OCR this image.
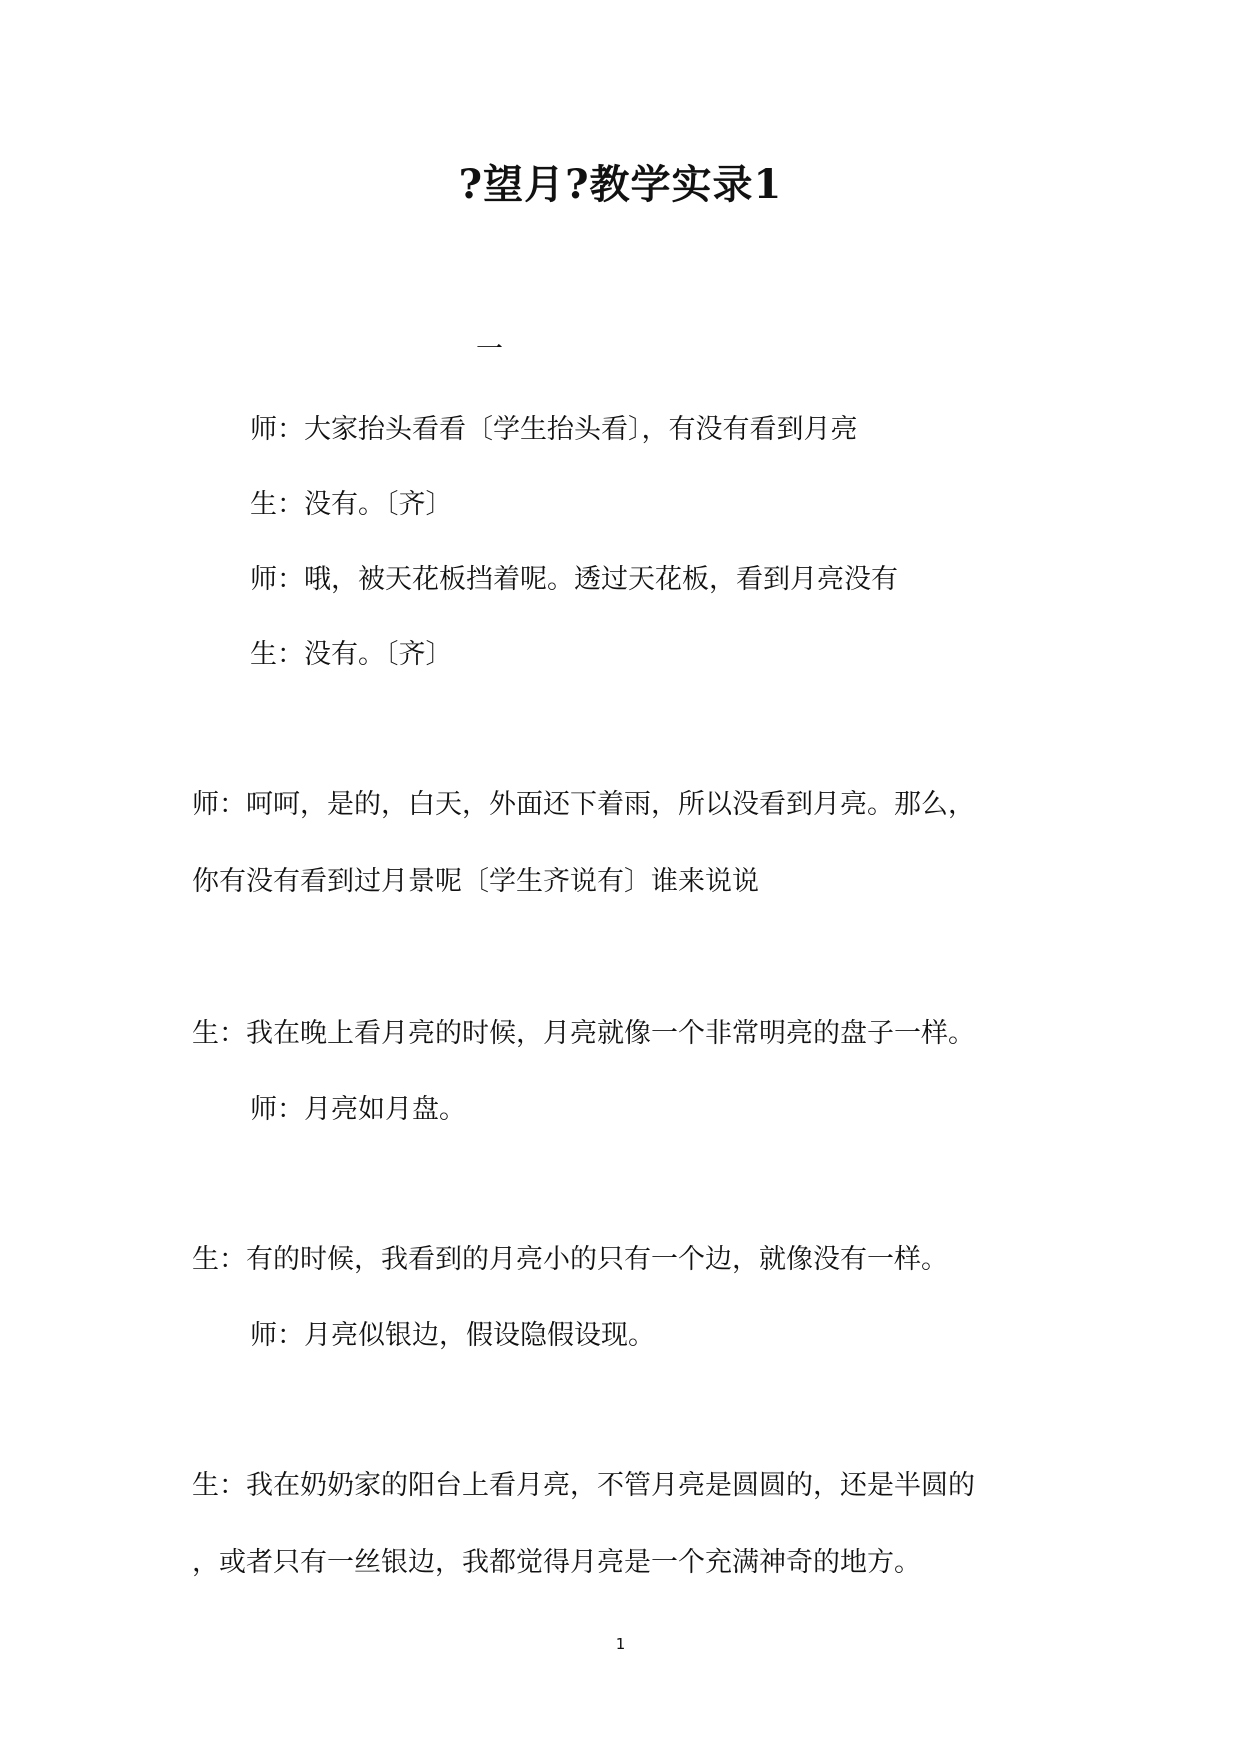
?望月?教学实录1
一
师：大家抬头看看〔学生抬头看〕，有没有看到月亮
生：没有。〔齐〕
师：哦，被天花板挡着呢。透过天花板，看到月亮没有
生：没有。〔齐〕
师：呵呵，是的，白天，外面还下着雨，所以没看到月亮。那么，
你有没有看到过月景呢〔学生齐说有〕谁来说说
生：我在晚上看月亮的时候，月亮就像一个非常明亮的盘子一样。
师：月亮如月盘。
生：有的时候，我看到的月亮小的只有一个边，就像没有一样。
师：月亮似银边，假设隐假设现。
生：我在奶奶家的阳台上看月亮，不管月亮是圆圆的，还是半圆的
，或者只有一丝银边，我都觉得月亮是一个充满神奇的地方。
1
